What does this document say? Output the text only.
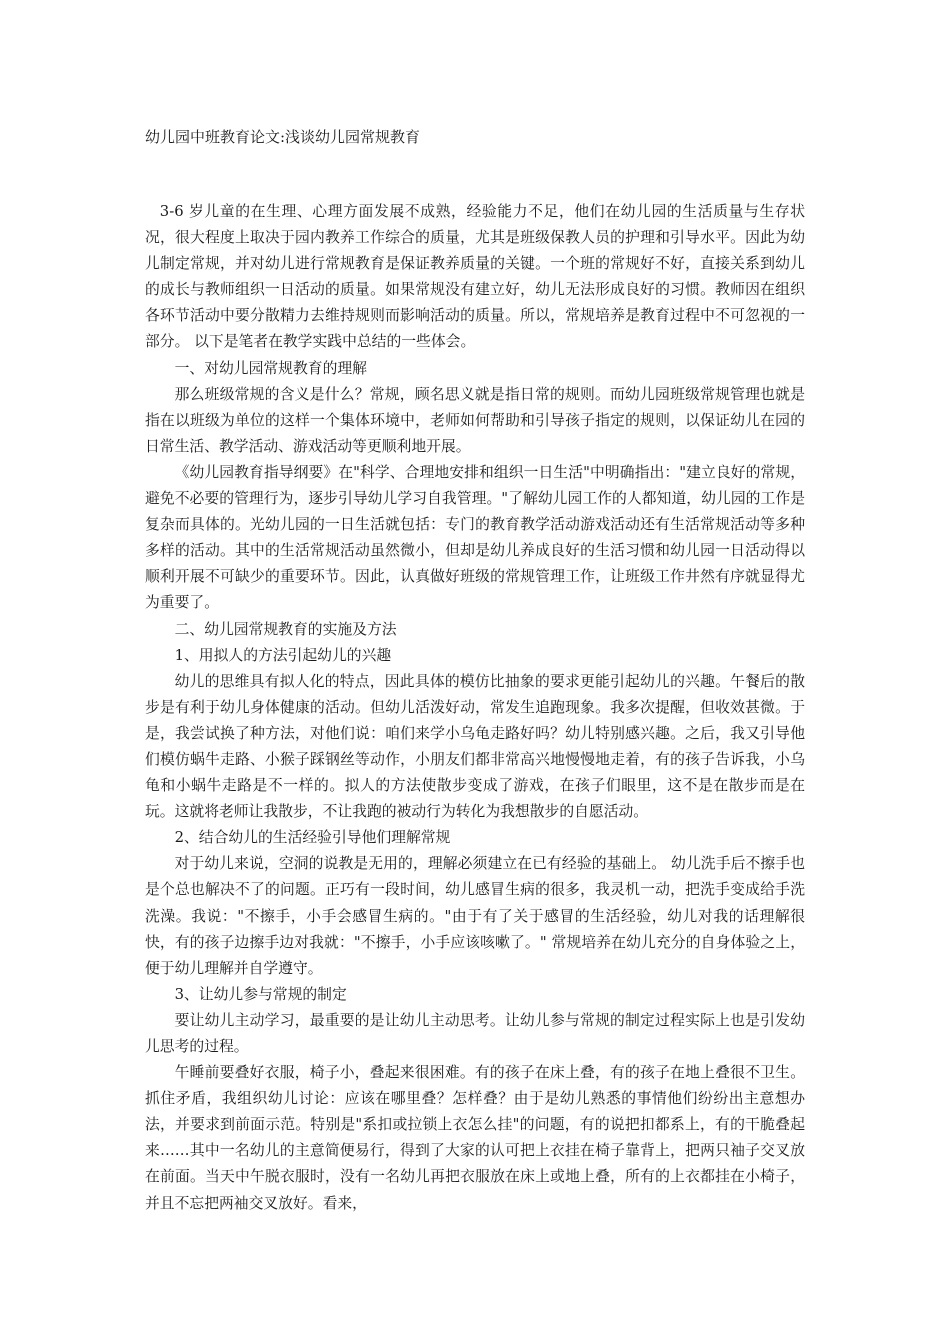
幼儿园中班教育论文:浅谈幼儿园常规教育

3-6 岁儿童的在生理、心理方面发展不成熟，经验能力不足，他们在幼儿园的生活质量与生存状况，很大程度上取决于园内教养工作综合的质量，尤其是班级保教人员的护理和引导水平。因此为幼儿制定常规，并对幼儿进行常规教育是保证教养质量的关键。一个班的常规好不好，直接关系到幼儿的成长与教师组织一日活动的质量。如果常规没有建立好，幼儿无法形成良好的习惯。教师因在组织各环节活动中要分散精力去维持规则而影响活动的质量。所以，常规培养是教育过程中不可忽视的一部分。 以下是笔者在教学实践中总结的一些体会。

一、对幼儿园常规教育的理解

那么班级常规的含义是什么？常规，顾名思义就是指日常的规则。而幼儿园班级常规管理也就是指在以班级为单位的这样一个集体环境中，老师如何帮助和引导孩子指定的规则，以保证幼儿在园的日常生活、教学活动、游戏活动等更顺利地开展。

《幼儿园教育指导纲要》在"科学、合理地安排和组织一日生活"中明确指出："建立良好的常规，避免不必要的管理行为，逐步引导幼儿学习自我管理。"了解幼儿园工作的人都知道，幼儿园的工作是复杂而具体的。光幼儿园的一日生活就包括：专门的教育教学活动游戏活动还有生活常规活动等多种多样的活动。其中的生活常规活动虽然微小，但却是幼儿养成良好的生活习惯和幼儿园一日活动得以顺利开展不可缺少的重要环节。因此，认真做好班级的常规管理工作，让班级工作井然有序就显得尤为重要了。

二、幼儿园常规教育的实施及方法

1、用拟人的方法引起幼儿的兴趣

幼儿的思维具有拟人化的特点，因此具体的模仿比抽象的要求更能引起幼儿的兴趣。午餐后的散步是有利于幼儿身体健康的活动。但幼儿活泼好动，常发生追跑现象。我多次提醒，但收效甚微。于是，我尝试换了种方法，对他们说：咱们来学小乌龟走路好吗？幼儿特别感兴趣。之后，我又引导他们模仿蜗牛走路、小猴子踩钢丝等动作，小朋友们都非常高兴地慢慢地走着，有的孩子告诉我，小乌龟和小蜗牛走路是不一样的。拟人的方法使散步变成了游戏，在孩子们眼里，这不是在散步而是在玩。这就将老师让我散步，不让我跑的被动行为转化为我想散步的自愿活动。

2、结合幼儿的生活经验引导他们理解常规

对于幼儿来说，空洞的说教是无用的，理解必须建立在已有经验的基础上。 幼儿洗手后不擦手也是个总也解决不了的问题。正巧有一段时间，幼儿感冒生病的很多，我灵机一动，把洗手变成给手洗洗澡。我说："不擦手，小手会感冒生病的。"由于有了关于感冒的生活经验，幼儿对我的话理解很快，有的孩子边擦手边对我就："不擦手，小手应该咳嗽了。" 常规培养在幼儿充分的自身体验之上，便于幼儿理解并自学遵守。

3、让幼儿参与常规的制定

要让幼儿主动学习，最重要的是让幼儿主动思考。让幼儿参与常规的制定过程实际上也是引发幼儿思考的过程。

午睡前要叠好衣服，椅子小，叠起来很困难。有的孩子在床上叠，有的孩子在地上叠很不卫生。抓住矛盾，我组织幼儿讨论：应该在哪里叠？怎样叠？由于是幼儿熟悉的事情他们纷纷出主意想办法，并要求到前面示范。特别是"系扣或拉锁上衣怎么挂"的问题，有的说把扣都系上，有的干脆叠起来……其中一名幼儿的主意简便易行，得到了大家的认可把上衣挂在椅子靠背上，把两只袖子交叉放在前面。当天中午脱衣服时，没有一名幼儿再把衣服放在床上或地上叠，所有的上衣都挂在小椅子，并且不忘把两袖交叉放好。看来，
